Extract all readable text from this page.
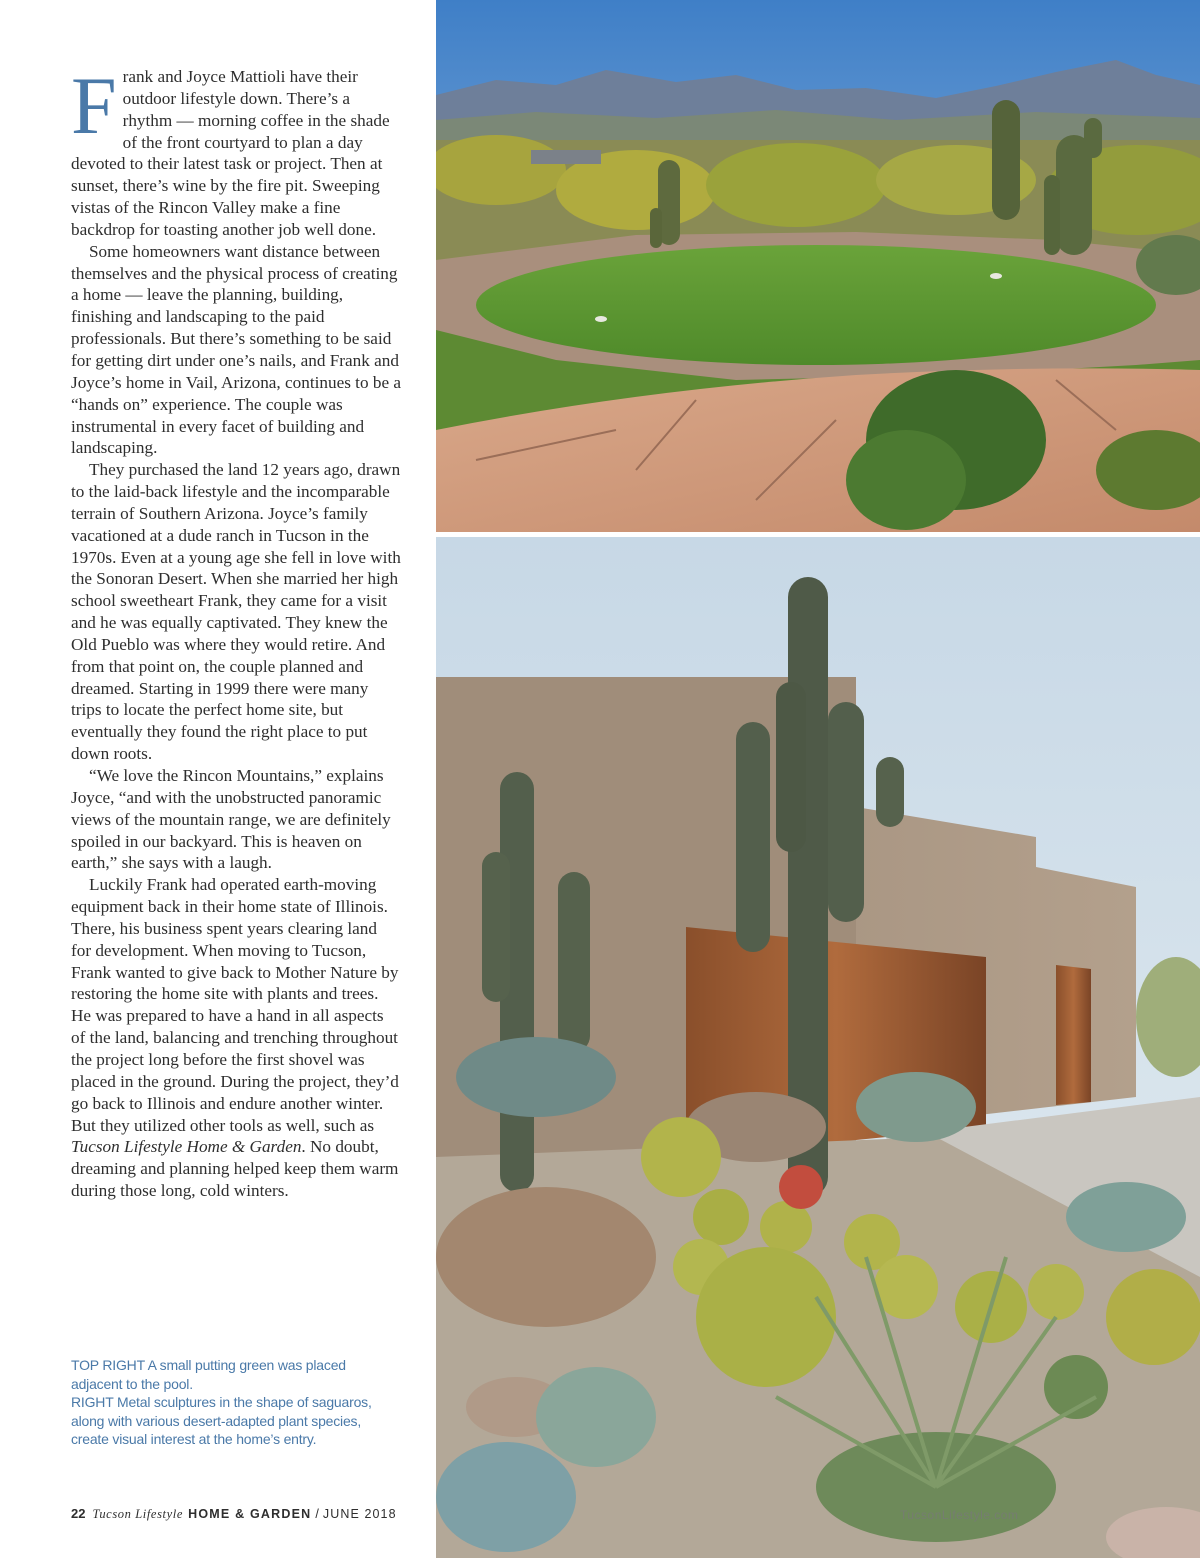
Frank and Joyce Mattioli have their outdoor lifestyle down. There’s a rhythm — morning coffee in the shade of the front courtyard to plan a day devoted to their latest task or project. Then at sunset, there’s wine by the fire pit. Sweeping vistas of the Rincon Valley make a fine backdrop for toasting another job well done.

Some homeowners want distance between themselves and the physical process of creating a home — leave the planning, building, finishing and landscaping to the paid professionals. But there’s something to be said for getting dirt under one’s nails, and Frank and Joyce’s home in Vail, Arizona, continues to be a “hands on” experience. The couple was instrumental in every facet of building and landscaping.

They purchased the land 12 years ago, drawn to the laid-back lifestyle and the incomparable terrain of Southern Arizona. Joyce’s family vacationed at a dude ranch in Tucson in the 1970s. Even at a young age she fell in love with the Sonoran Desert. When she married her high school sweetheart Frank, they came for a visit and he was equally captivated. They knew the Old Pueblo was where they would retire. And from that point on, the couple planned and dreamed. Starting in 1999 there were many trips to locate the perfect home site, but eventually they found the right place to put down roots.

“We love the Rincon Mountains,” explains Joyce, “and with the unobstructed panoramic views of the mountain range, we are definitely spoiled in our backyard. This is heaven on earth,” she says with a laugh.

Luckily Frank had operated earth-moving equipment back in their home state of Illinois. There, his business spent years clearing land for development. When moving to Tucson, Frank wanted to give back to Mother Nature by restoring the home site with plants and trees. He was prepared to have a hand in all aspects of the land, balancing and trenching throughout the project long before the first shovel was placed in the ground. During the project, they’d go back to Illinois and endure another winter. But they utilized other tools as well, such as Tucson Lifestyle Home & Garden. No doubt, dreaming and planning helped keep them warm during those long, cold winters.

TOP RIGHT A small putting green was placed adjacent to the pool.
RIGHT Metal sculptures in the shape of saguaros, along with various desert-adapted plant species, create visual interest at the home’s entry.
22 Tucson Lifestyle HOME & GARDEN / JUNE 2018	TucsonLifestyle.com
